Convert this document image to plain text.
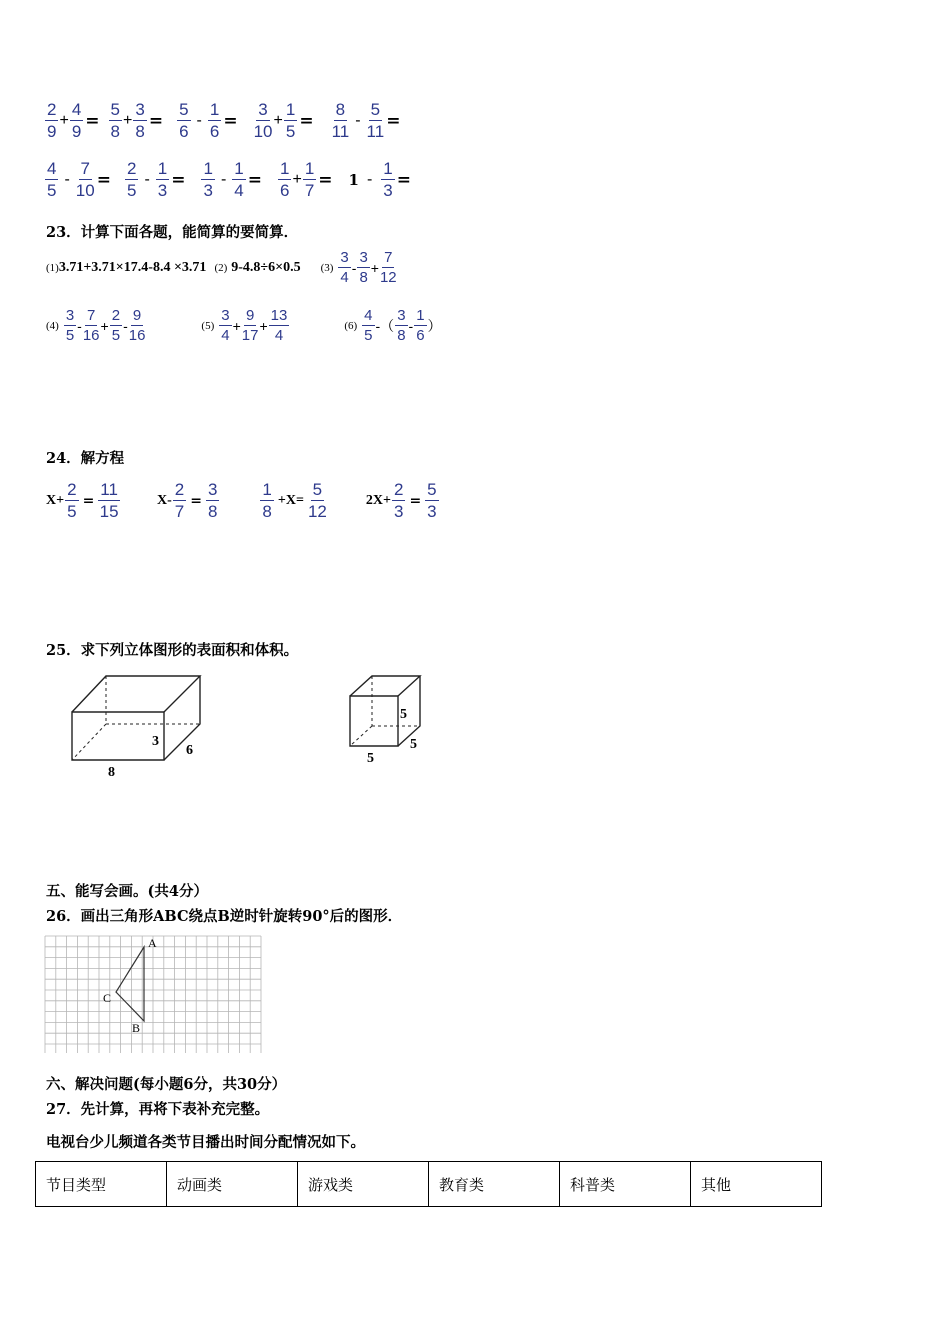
$\frac{2}{9} + \frac{4}{9} = \frac{5}{8} + \frac{3}{8} = \frac{5}{6} - \frac{1}{6} = \frac{3}{10} + \frac{1}{5} = \frac{8}{11} - \frac{5}{11}$ =
$\frac{4}{5} - \frac{7}{10} = \frac{2}{5} - \frac{1}{3} = \frac{1}{3} - \frac{1}{4} = \frac{1}{6} + \frac{1}{7} = 1 - \frac{1}{3}$ =
23．计算下面各题，能简算的要简算．
(1) 3.71+3.71×17.4-8.4 ×3.71 (2) 9-4.8÷6×0.5 $(3) \frac{3}{4} - \frac{3}{8} + \frac{7}{12}$
$(4) \frac{3}{5} - \frac{7}{16} + \frac{2}{5} - \frac{9}{16}$	$(5) \frac{3}{4} + \frac{9}{17} + \frac{13}{4}$	$(6) \frac{4}{5}$ -（ $\frac{3}{8} - \frac{1}{6}$ ）
24．解方程
$X+ \frac{2}{5} = \frac{11}{15}$	$X- \frac{2}{7} = \frac{3}{8} \frac{1}{8} +X= \frac{5}{12}$	$2X+ \frac{2}{3} = \frac{5}{3}$
25．求下列立体图形的表面积和体积。
3
6
8
5
5
5
五、能写会画。(共4分）
26．画出三角形ABC绕点B逆时针旋转90°后的图形．
A
B
C
六、解决问题(每小题6分，共30分）
27．先计算，再将下表补充完整。
电视台少儿频道各类节目播出时间分配情况如下。
节目类型	动画类	游戏类	教育类	科普类	其他
